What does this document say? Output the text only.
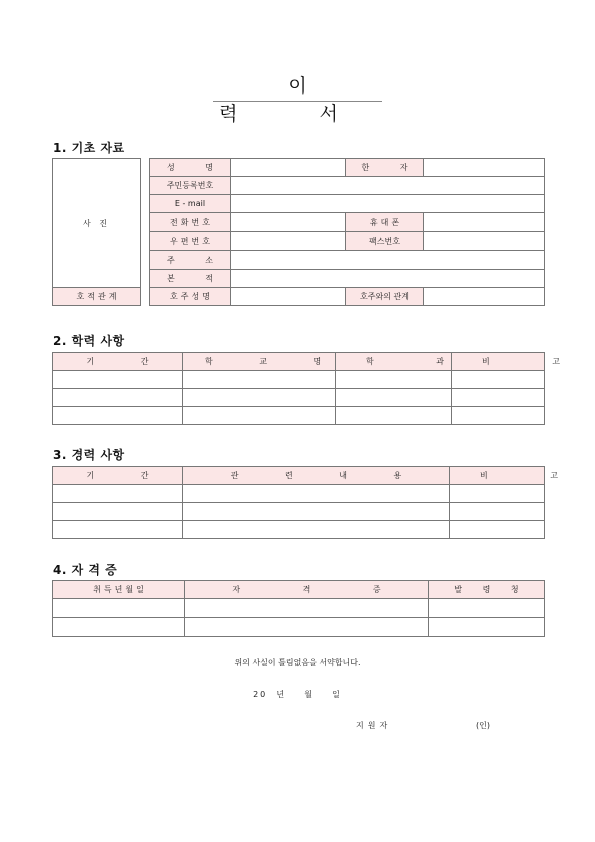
이 력 서
1. 기초 자료
사 진		성 명		한 자	
		주민등록번호			
		E - mail			
		전화번호		휴대폰	
		우편번호		팩스번호	
		주 소			
		본 적			
호적관계		호주성명		호주와의 관계	
2. 학력 사항
기 간	학 교 명	학 과	비 고

3. 경력 사항
기 간	관 련 내 용	비 고

4. 자 격 증
취득년월일	자 격 증	발 령 청

위의 사실이 틀림없음을 서약합니다.
20  년    월    일
지원자	(인)
